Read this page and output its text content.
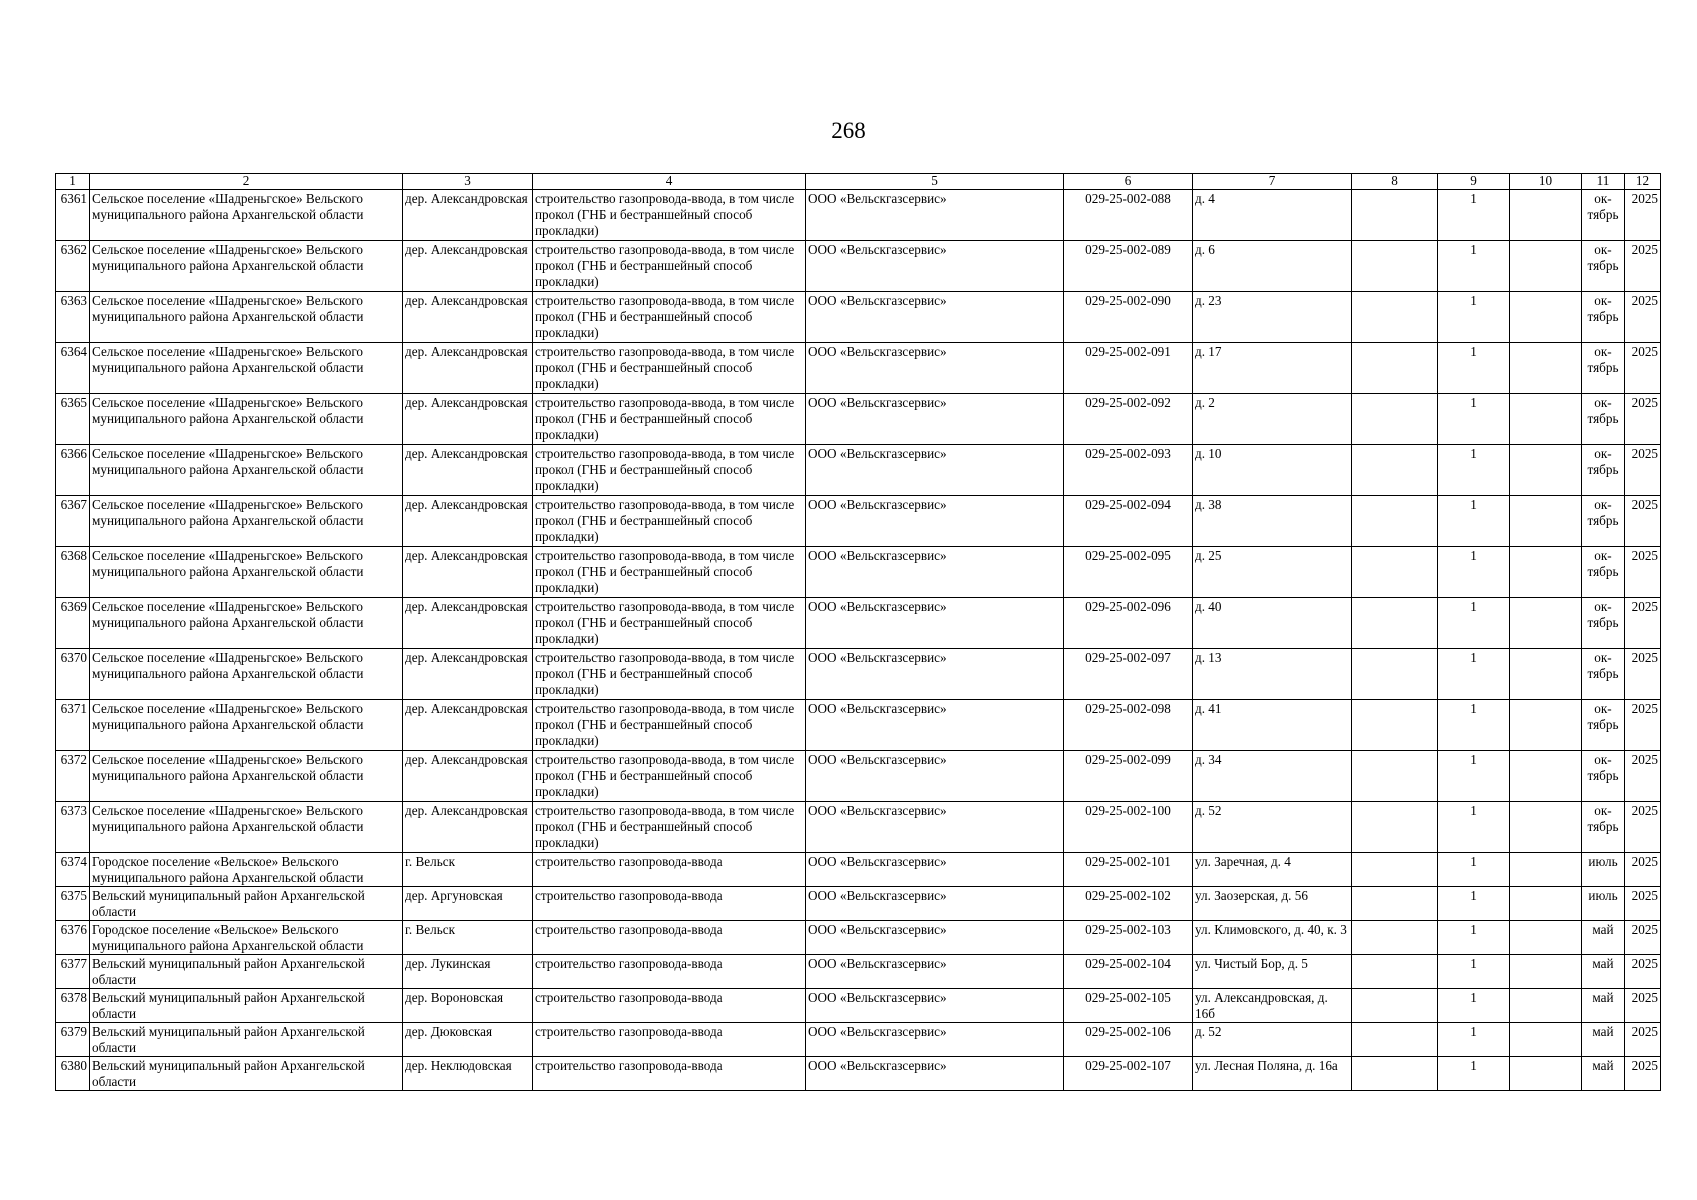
268
1	2	3	4	5	6	7	8	9	10	11	12
6361	Сельское поселение «Шадреньгское» Вельского муниципального района Архангельской области	дер. Александровская	строительство газопровода-ввода, в том числе прокол (ГНБ и бестраншейный способ прокладки)	ООО «Вельскгазсервис»	029-25-002-088	д. 4		1		ок-тябрь	2025
6362	Сельское поселение «Шадреньгское» Вельского муниципального района Архангельской области	дер. Александровская	строительство газопровода-ввода, в том числе прокол (ГНБ и бестраншейный способ прокладки)	ООО «Вельскгазсервис»	029-25-002-089	д. 6		1		ок-тябрь	2025
6363	Сельское поселение «Шадреньгское» Вельского муниципального района Архангельской области	дер. Александровская	строительство газопровода-ввода, в том числе прокол (ГНБ и бестраншейный способ прокладки)	ООО «Вельскгазсервис»	029-25-002-090	д. 23		1		ок-тябрь	2025
6364	Сельское поселение «Шадреньгское» Вельского муниципального района Архангельской области	дер. Александровская	строительство газопровода-ввода, в том числе прокол (ГНБ и бестраншейный способ прокладки)	ООО «Вельскгазсервис»	029-25-002-091	д. 17		1		ок-тябрь	2025
6365	Сельское поселение «Шадреньгское» Вельского муниципального района Архангельской области	дер. Александровская	строительство газопровода-ввода, в том числе прокол (ГНБ и бестраншейный способ прокладки)	ООО «Вельскгазсервис»	029-25-002-092	д. 2		1		ок-тябрь	2025
6366	Сельское поселение «Шадреньгское» Вельского муниципального района Архангельской области	дер. Александровская	строительство газопровода-ввода, в том числе прокол (ГНБ и бестраншейный способ прокладки)	ООО «Вельскгазсервис»	029-25-002-093	д. 10		1		ок-тябрь	2025
6367	Сельское поселение «Шадреньгское» Вельского муниципального района Архангельской области	дер. Александровская	строительство газопровода-ввода, в том числе прокол (ГНБ и бестраншейный способ прокладки)	ООО «Вельскгазсервис»	029-25-002-094	д. 38		1		ок-тябрь	2025
6368	Сельское поселение «Шадреньгское» Вельского муниципального района Архангельской области	дер. Александровская	строительство газопровода-ввода, в том числе прокол (ГНБ и бестраншейный способ прокладки)	ООО «Вельскгазсервис»	029-25-002-095	д. 25		1		ок-тябрь	2025
6369	Сельское поселение «Шадреньгское» Вельского муниципального района Архангельской области	дер. Александровская	строительство газопровода-ввода, в том числе прокол (ГНБ и бестраншейный способ прокладки)	ООО «Вельскгазсервис»	029-25-002-096	д. 40		1		ок-тябрь	2025
6370	Сельское поселение «Шадреньгское» Вельского муниципального района Архангельской области	дер. Александровская	строительство газопровода-ввода, в том числе прокол (ГНБ и бестраншейный способ прокладки)	ООО «Вельскгазсервис»	029-25-002-097	д. 13		1		ок-тябрь	2025
6371	Сельское поселение «Шадреньгское» Вельского муниципального района Архангельской области	дер. Александровская	строительство газопровода-ввода, в том числе прокол (ГНБ и бестраншейный способ прокладки)	ООО «Вельскгазсервис»	029-25-002-098	д. 41		1		ок-тябрь	2025
6372	Сельское поселение «Шадреньгское» Вельского муниципального района Архангельской области	дер. Александровская	строительство газопровода-ввода, в том числе прокол (ГНБ и бестраншейный способ прокладки)	ООО «Вельскгазсервис»	029-25-002-099	д. 34		1		ок-тябрь	2025
6373	Сельское поселение «Шадреньгское» Вельского муниципального района Архангельской области	дер. Александровская	строительство газопровода-ввода, в том числе прокол (ГНБ и бестраншейный способ прокладки)	ООО «Вельскгазсервис»	029-25-002-100	д. 52		1		ок-тябрь	2025
6374	Городское поселение «Вельское» Вельского муниципального района Архангельской области	г. Вельск	строительство газопровода-ввода	ООО «Вельскгазсервис»	029-25-002-101	ул. Заречная, д. 4		1		июль	2025
6375	Вельский муниципальный район Архангельской области	дер. Аргуновская	строительство газопровода-ввода	ООО «Вельскгазсервис»	029-25-002-102	ул. Заозерская, д. 56		1		июль	2025
6376	Городское поселение «Вельское» Вельского муниципального района Архангельской области	г. Вельск	строительство газопровода-ввода	ООО «Вельскгазсервис»	029-25-002-103	ул. Климовского, д. 40, к. 3		1		май	2025
6377	Вельский муниципальный район Архангельской области	дер. Лукинская	строительство газопровода-ввода	ООО «Вельскгазсервис»	029-25-002-104	ул. Чистый Бор, д. 5		1		май	2025
6378	Вельский муниципальный район Архангельской области	дер. Вороновская	строительство газопровода-ввода	ООО «Вельскгазсервис»	029-25-002-105	ул. Александровская, д. 16б		1		май	2025
6379	Вельский муниципальный район Архангельской области	дер. Дюковская	строительство газопровода-ввода	ООО «Вельскгазсервис»	029-25-002-106	д. 52		1		май	2025
6380	Вельский муниципальный район Архангельской области	дер. Неклюдовская	строительство газопровода-ввода	ООО «Вельскгазсервис»	029-25-002-107	ул. Лесная Поляна, д. 16а		1		май	2025
